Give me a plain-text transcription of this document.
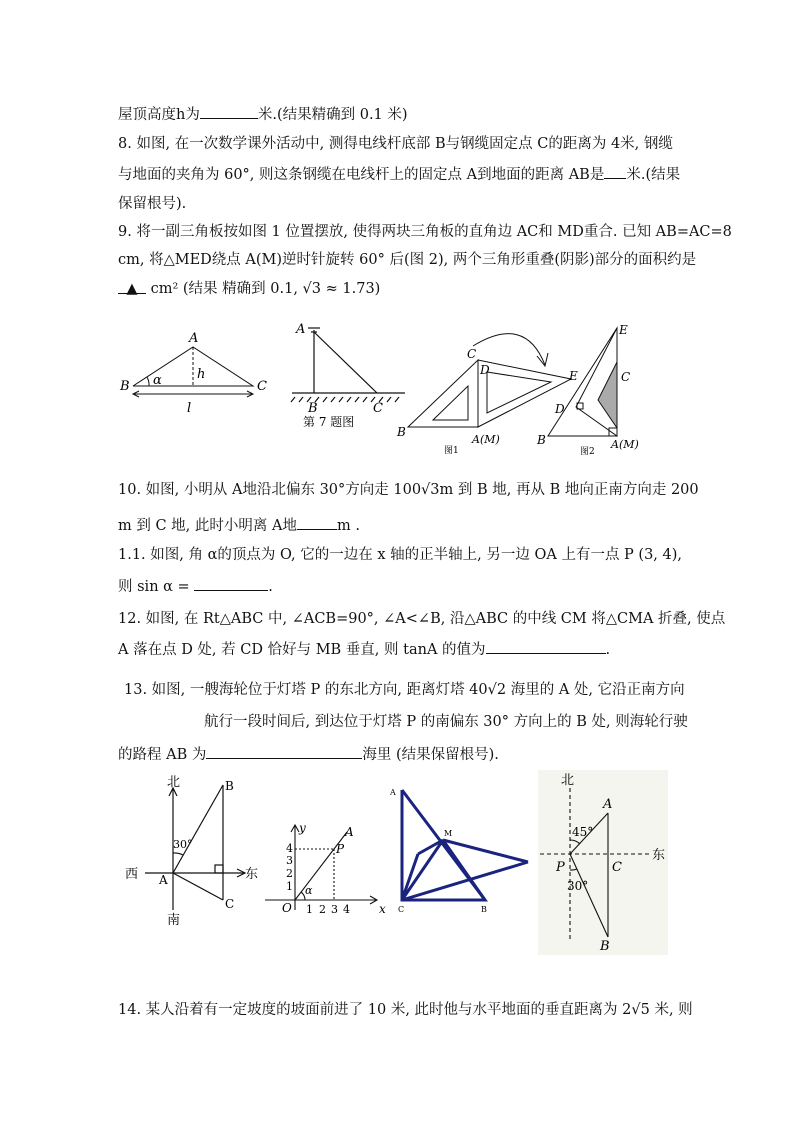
屋顶高度h为	米.(结果精确到 0.1 米)
8. 如图, 在一次数学课外活动中, 测得电线杆底部 B与钢缆固定点 C的距离为 4米, 钢缆
与地面的夹角为 60°, 则这条钢缆在电线杆上的固定点 A到地面的距离 AB是 米.(结果
保留根号).
9. 将一副三角板按如图 1 位置摆放, 使得两块三角板的直角边 AC和 MD重合. 已知 AB=AC=8
cm, 将△MED绕点 A(M)逆时针旋转 60° 后(图 2), 两个三角形重叠(阴影)部分的面积约是
▲ cm² (结果 精确到 0.1, √3 ≈ 1.73)
A
B	C
α	h
l
A
B	C
第 7 题图
B
C
D	E
A(M)
图1
E
C
D
B	A(M)
图2
10. 如图, 小明从 A地沿北偏东 30°方向走 100√3m 到 B 地, 再从 B 地向正南方向走 200
m 到 C 地, 此时小明离 A地	m .
1.1. 如图, 角 α的顶点为 O, 它的一边在 x 轴的正半轴上, 另一边 OA 上有一点 P (3, 4),
则 sin α =	.
12. 如图, 在 Rt△ABC 中, ∠ACB=90°, ∠A<∠B, 沿△ABC 的中线 CM 将△CMA 折叠, 使点
A 落在点 D 处, 若 CD 恰好与 MB 垂直, 则 tanA 的值为	.
13. 如图, 一艘海轮位于灯塔 P 的东北方向, 距离灯塔 40√2 海里的 A 处, 它沿正南方向
航行一段时间后, 到达位于灯塔 P 的南偏东 30° 方向上的 B 处, 则海轮行驶
的路程 AB 为	海里 (结果保留根号).
北
南
西	东
A
B
C
30°
x
y
O
A
P
α
1 2 3 4
1
2
3
4
A
M
C	B
北
东
A
P	C
B
45°
30°
14. 某人沿着有一定坡度的坡面前进了 10 米, 此时他与水平地面的垂直距离为 2√5 米, 则
